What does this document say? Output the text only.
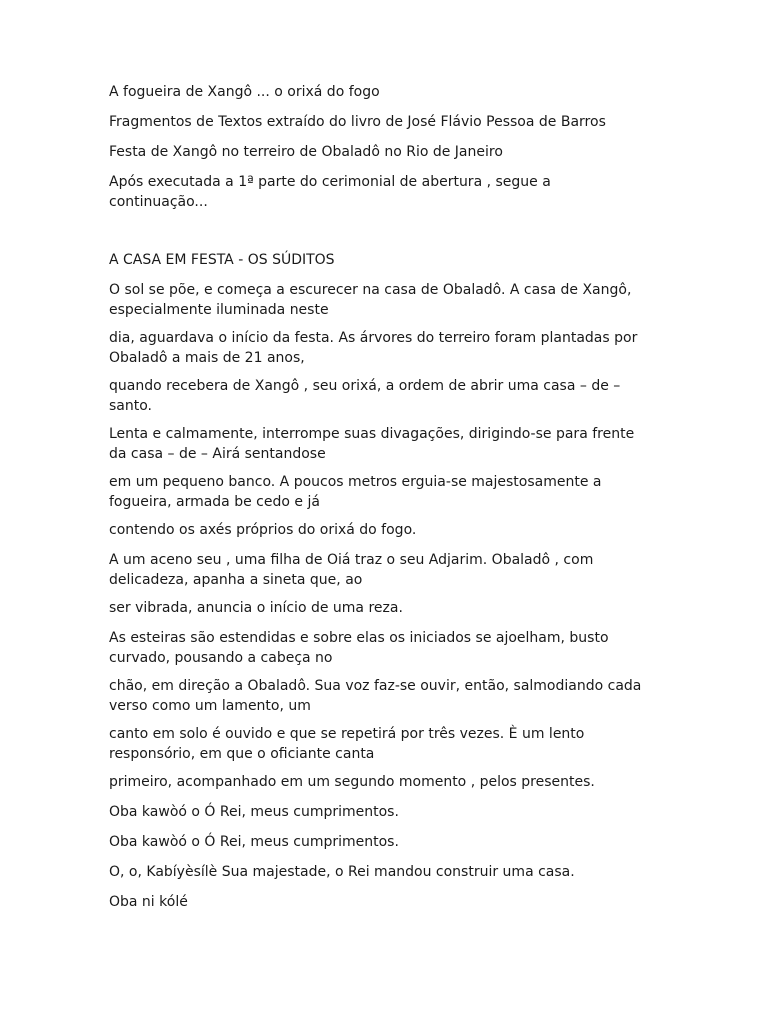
A fogueira de Xangô ... o orixá do fogo

Fragmentos de Textos extraído do livro de José Flávio Pessoa de Barros

Festa de Xangô no terreiro de Obaladô no Rio de Janeiro

Após executada a 1ª parte do cerimonial de abertura , segue a
continuação...

A CASA EM FESTA - OS SÚDITOS

O sol se põe, e começa a escurecer na casa de Obaladô. A casa de Xangô,
especialmente iluminada neste

dia, aguardava o início da festa. As árvores do terreiro foram plantadas por
Obaladô a mais de 21 anos,

quando recebera de Xangô , seu orixá, a ordem de abrir uma casa – de –
santo.

Lenta e calmamente, interrompe suas divagações, dirigindo-se para frente
da casa – de – Airá sentandose

em um pequeno banco. A poucos metros erguia-se majestosamente a
fogueira, armada be cedo e já

contendo os axés próprios do orixá do fogo.

A um aceno seu , uma filha de Oiá traz o seu Adjarim. Obaladô , com
delicadeza, apanha a sineta que, ao

ser vibrada, anuncia o início de uma reza.

As esteiras são estendidas e sobre elas os iniciados se ajoelham, busto
curvado, pousando a cabeça no

chão, em direção a Obaladô. Sua voz faz-se ouvir, então, salmodiando cada
verso como um lamento, um

canto em solo é ouvido e que se repetirá por três vezes. È um lento
responsório, em que o oficiante canta

primeiro, acompanhado em um segundo momento , pelos presentes.

Oba kawòó o Ó Rei, meus cumprimentos.

Oba kawòó o Ó Rei, meus cumprimentos.

O, o, Kabíyèsílè Sua majestade, o Rei mandou construir uma casa.

Oba ni kólé
